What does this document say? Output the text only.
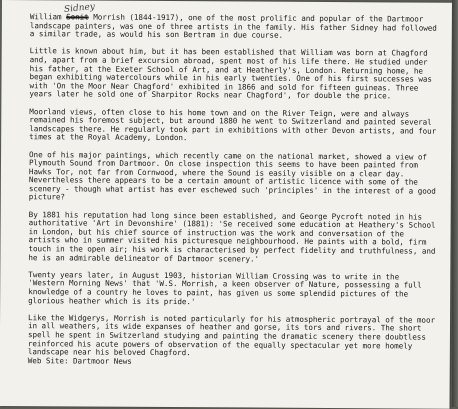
Sidney

William Sonit Morrish (1844-1917), one of the most prolific and popular of the Dartmoor
landscape painters, was one of three artists in the family. His father Sidney had followed
a similar trade, as would his son Bertram in due course.

Little is known about him, but it has been established that William was born at Chagford
and, apart from a brief excursion abroad, spent most of his life there. He studied under
his father, at the Exeter School of Art, and at Heatherly's, London. Returning home, he
began exhibiting watercolours while in his early twenties. One of his first successes was
with 'On the Moor Near Chagford' exhibited in 1866 and sold for fifteen guineas. Three
years later he sold one of Sharpitor Rocks near Chagford', for double the price.

Moorland views, often close to his home town and on the River Teign, were and always
remained his foremost subject, but around 1880 he went to Switzerland and painted several
landscapes there. He regularly took part in exhibitions with other Devon artists, and four
times at the Royal Academy, London.

One of his major paintings, which recently came on the national market, showed a view of
Plymouth Sound from Dartmoor. On close inspection this seems to have been painted from
Hawks Tor, not far from Cornwood, where the Sound is easily visible on a clear day.
Nevertheless there appears to be a certain amount of artistic licence with some of the
scenery - though what artist has ever eschewed such 'principles' in the interest of a good
picture?

By 1881 his reputation had long since been established, and George Pycroft noted in his
authoritative 'Art in Devonshire' (1881): 'Se received some education at Heathery's School
in London, but his chief source of instruction was the work and conversation of the
artists who in summer visited his picturesque neighbourhood. He paints with a bold, firm
touch in the open air; his work is characterised by perfect fidelity and truthfulness, and
he is an admirable delineator of Dartmoor scenery.'

Twenty years later, in August 1903, historian William Crossing was to write in the
'Western Morning News' that 'W.S. Morrish, a keen observer of Nature, possessing a full
knowledge of a country he loves to paint, has given us some splendid pictures of the
glorious heather which is its pride.'

Like the Widgerys, Morrish is noted particularly for his atmospheric portrayal of the moor
in all weathers, its wide expanses of heather and gorse, its tors and rivers. The short
spell he spent in Switzerland studying and painting the dramatic scenery there doubtless
reinforced his acute powers of observation of the equally spectacular yet more homely
landscape near his beloved Chagford.

Web Site: Dartmoor News
